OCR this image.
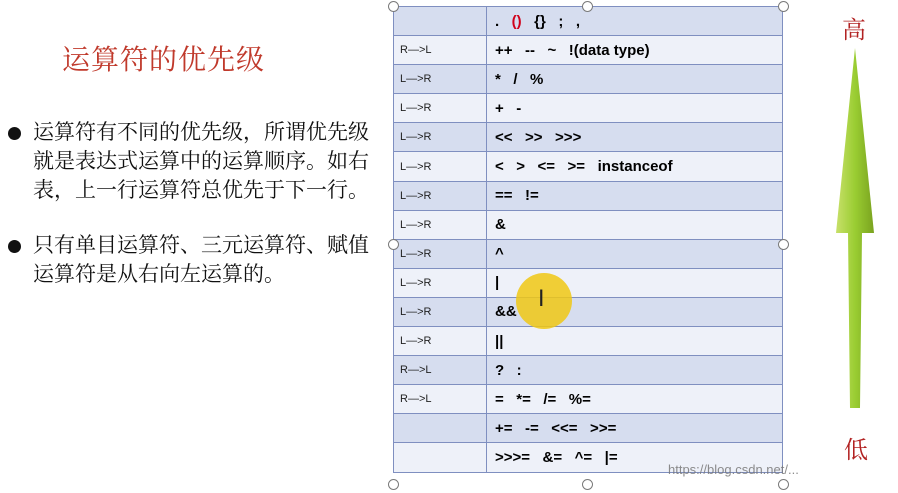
运算符的优先级
运算符有不同的优先级，所谓优先级就是表达式运算中的运算顺序。如右表，上一行运算符总优先于下一行。
只有单目运算符、三元运算符、赋值运算符是从右向左运算的。
	.   ()   {}   ;   ,
R—>L	++   --   ~   !(data type)
L—>R	*   /   %
L—>R	+   -
L—>R	<<   >>   >>>
L—>R	<   >   <=   >=   instanceof
L—>R	==   !=
L—>R	&
L—>R	^
L—>R	|
L—>R	&&
L—>R	||
R—>L	?   :
R—>L	=   *=   /=   %=
	+=   -=   <<=   >>=
	>>>=   &=   ^=   |=
I
高
低
https://blog.csdn.net/...
